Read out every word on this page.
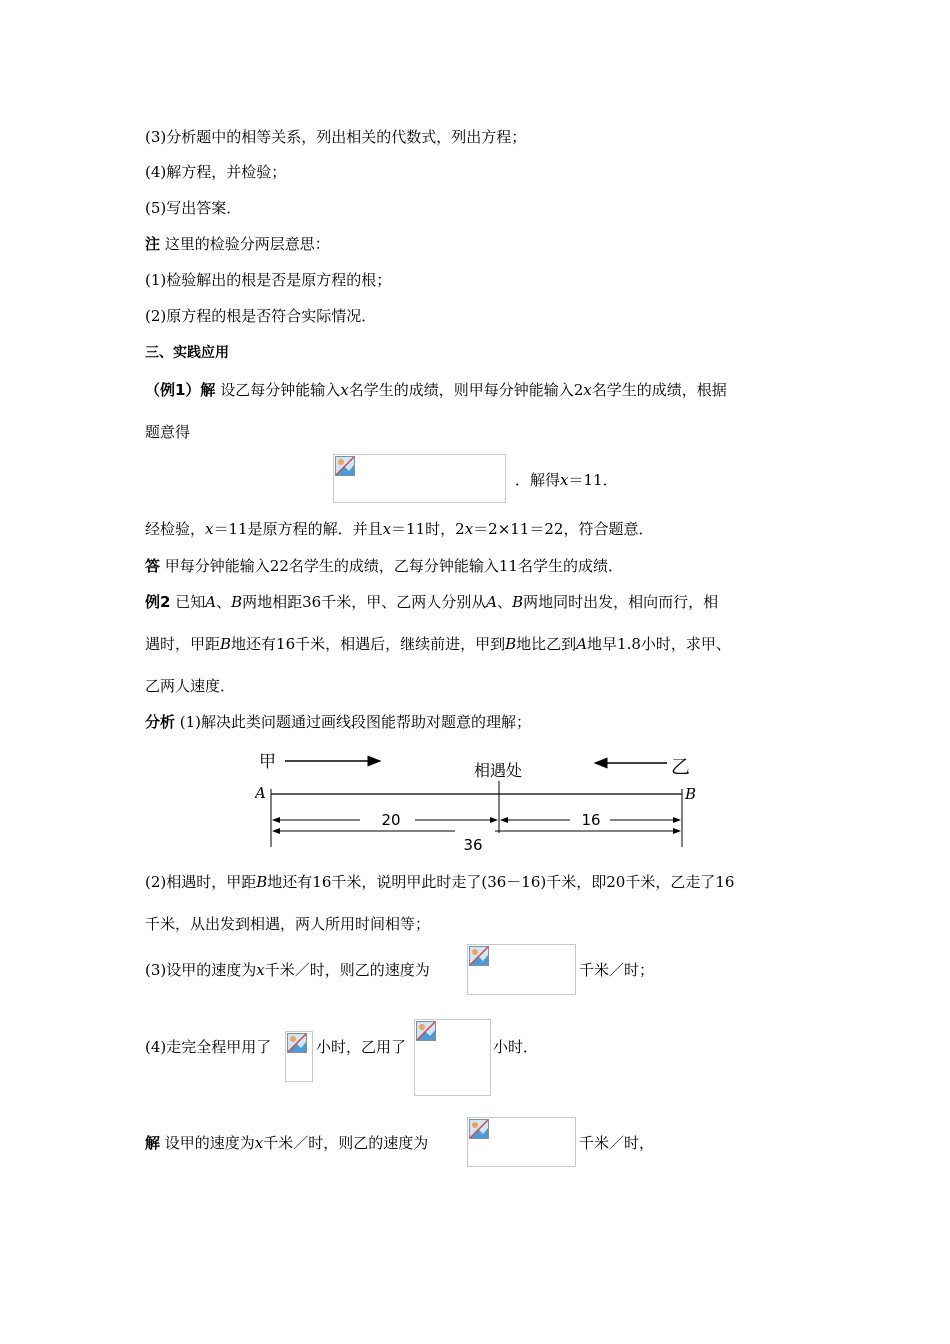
(3)分析题中的相等关系，列出相关的代数式，列出方程；
(4)解方程，并检验；
(5)写出答案．
注 这里的检验分两层意思：
(1)检验解出的根是否是原方程的根；
(2)原方程的根是否符合实际情况．
三、实践应用
（例1）解 设乙每分钟能输入x名学生的成绩，则甲每分钟能输入2x名学生的成绩，根据
题意得
．解得x＝11．
经检验，x＝11是原方程的解．并且x＝11时，2x＝2×11＝22，符合题意．
答 甲每分钟能输入22名学生的成绩，乙每分钟能输入11名学生的成绩．
例2 已知A、B两地相距36千米，甲、乙两人分别从A、B两地同时出发，相向而行，相
遇时，甲距B地还有16千米，相遇后，继续前进，甲到B地比乙到A地早1.8小时，求甲、
乙两人速度．
分析 (1)解决此类问题通过画线段图能帮助对题意的理解；
甲	相遇处	乙
A	B
20	16
36
(2)相遇时，甲距B地还有16千米，说明甲此时走了(36－16)千米，即20千米，乙走了16
千米，从出发到相遇，两人所用时间相等；
(3)设甲的速度为x千米／时，则乙的速度为	千米／时；
(4)走完全程甲用了	小时，乙用了	小时．
解 设甲的速度为x千米／时，则乙的速度为	千米／时，
